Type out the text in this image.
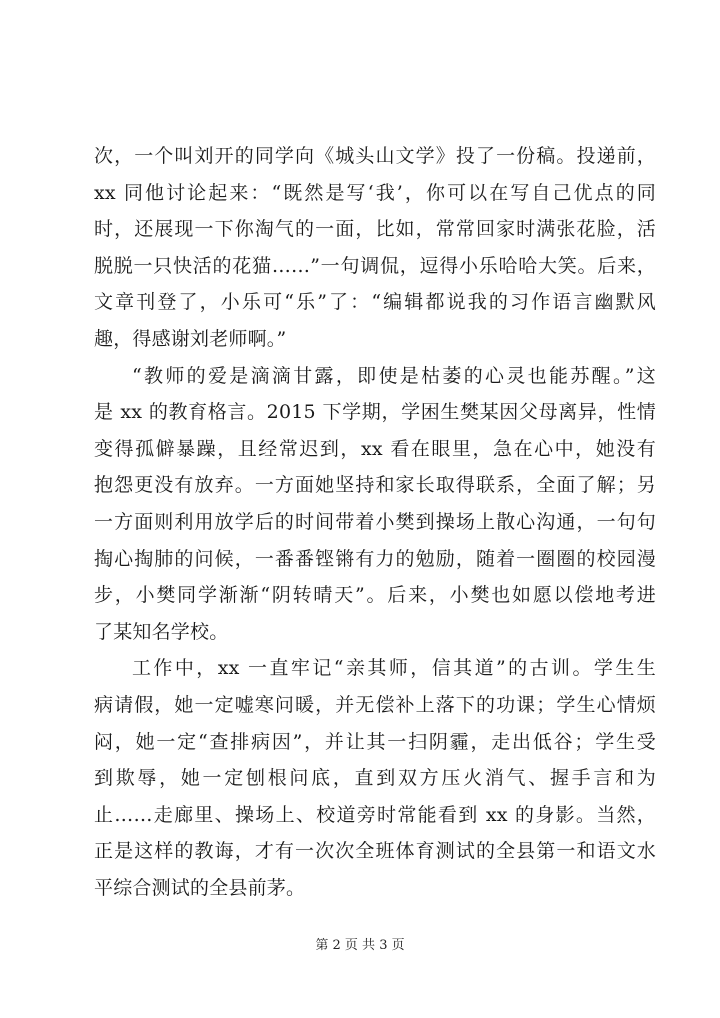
次，一个叫刘开的同学向《城头山文学》投了一份稿。投递前，
xx 同他讨论起来：“既然是写‘我’，你可以在写自己优点的同
时，还展现一下你淘气的一面，比如，常常回家时满张花脸，活
脱脱一只快活的花猫……”一句调侃，逗得小乐哈哈大笑。后来，
文章刊登了，小乐可“乐”了：“编辑都说我的习作语言幽默风
趣，得感谢刘老师啊。”
“教师的爱是滴滴甘露，即使是枯萎的心灵也能苏醒。”这
是 xx 的教育格言。2015 下学期，学困生樊某因父母离异，性情
变得孤僻暴躁，且经常迟到，xx 看在眼里，急在心中，她没有
抱怨更没有放弃。一方面她坚持和家长取得联系，全面了解；另
一方面则利用放学后的时间带着小樊到操场上散心沟通，一句句
掏心掏肺的问候，一番番铿锵有力的勉励，随着一圈圈的校园漫
步，小樊同学渐渐“阴转晴天”。后来，小樊也如愿以偿地考进
了某知名学校。
工作中，xx 一直牢记“亲其师，信其道”的古训。学生生
病请假，她一定嘘寒问暖，并无偿补上落下的功课；学生心情烦
闷，她一定“查排病因”，并让其一扫阴霾，走出低谷；学生受
到欺辱，她一定刨根问底，直到双方压火消气、握手言和为
止……走廊里、操场上、校道旁时常能看到 xx 的身影。当然，
正是这样的教诲，才有一次次全班体育测试的全县第一和语文水
平综合测试的全县前茅。
第 2 页 共 3 页
